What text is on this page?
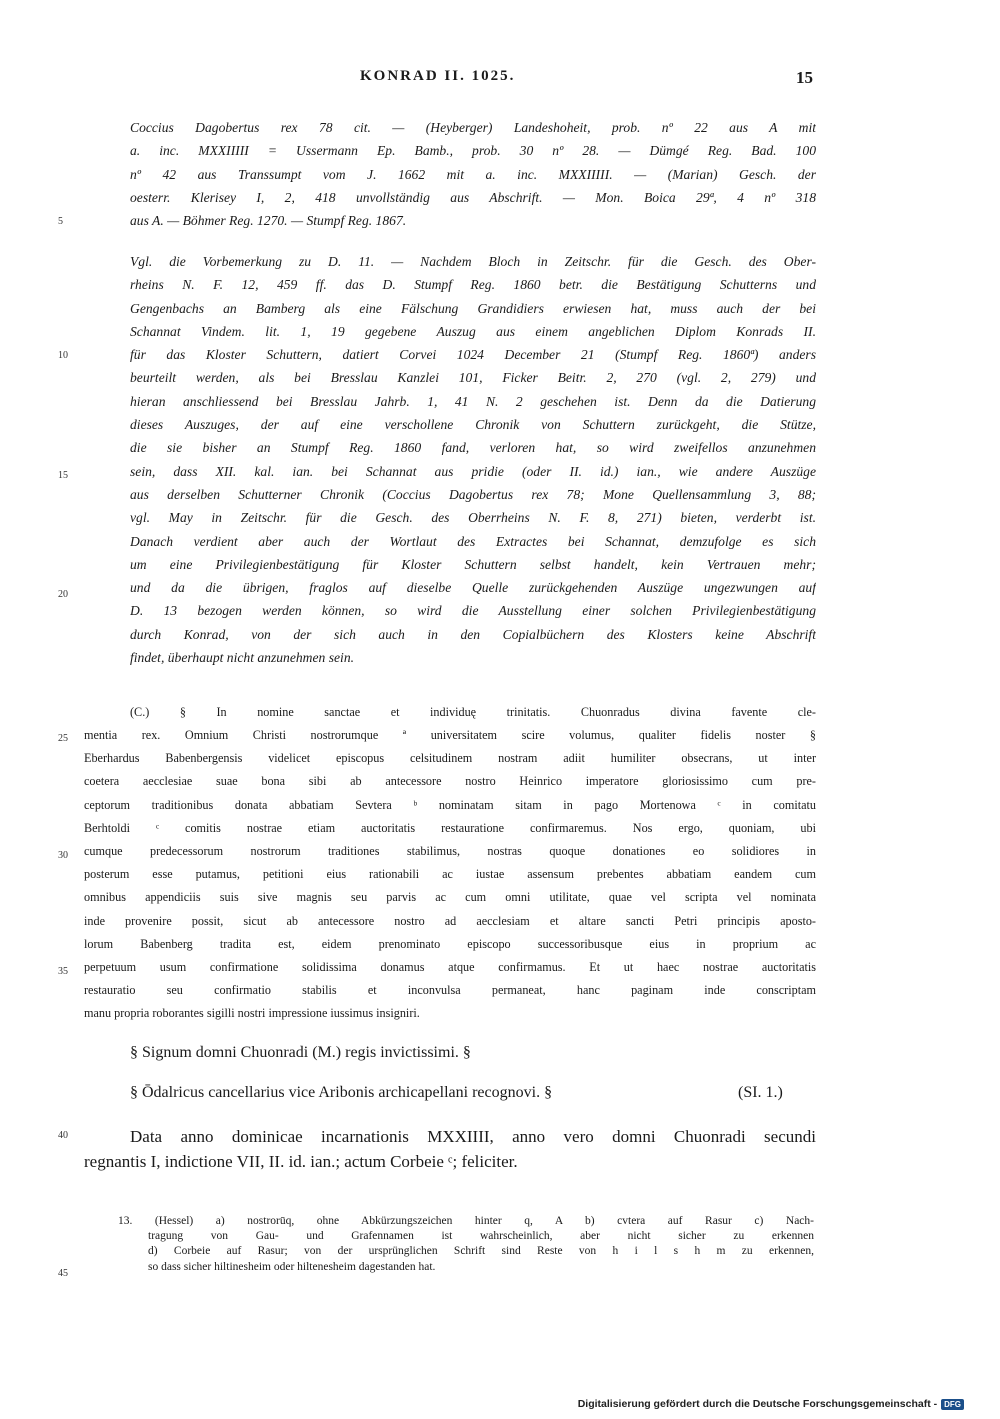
KONRAD II. 1025.	15
5
10
15
20
25
30
35
40
45
Coccius Dagobertus rex 78 cit. — (Heyberger) Landeshoheit, prob. nº 22 aus A mit
a. inc. MXXIIIII = Ussermann Ep. Bamb., prob. 30 nº 28. — Dümgé Reg. Bad. 100
nº 42 aus Transsumpt vom J. 1662 mit a. inc. MXXIIIII. — (Marian) Gesch. der
oesterr. Klerisey I, 2, 418 unvollständig aus Abschrift. — Mon. Boica 29ª, 4 nº 318
aus A. — Böhmer Reg. 1270. — Stumpf Reg. 1867.
Vgl. die Vorbemerkung zu D. 11. — Nachdem Bloch in Zeitschr. für die Gesch. des Ober-
rheins N. F. 12, 459 ff. das D. Stumpf Reg. 1860 betr. die Bestätigung Schutterns und
Gengenbachs an Bamberg als eine Fälschung Grandidiers erwiesen hat, muss auch der bei
Schannat Vindem. lit. 1, 19 gegebene Auszug aus einem angeblichen Diplom Konrads II.
für das Kloster Schuttern, datiert Corvei 1024 December 21 (Stumpf Reg. 1860ª) anders
beurteilt werden, als bei Bresslau Kanzlei 101, Ficker Beitr. 2, 270 (vgl. 2, 279) und
hieran anschliessend bei Bresslau Jahrb. 1, 41 N. 2 geschehen ist. Denn da die Datierung
dieses Auszuges, der auf eine verschollene Chronik von Schuttern zurückgeht, die Stütze,
die sie bisher an Stumpf Reg. 1860 fand, verloren hat, so wird zweifellos anzunehmen
sein, dass XII. kal. ian. bei Schannat aus pridie (oder II. id.) ian., wie andere Auszüge
aus derselben Schutterner Chronik (Coccius Dagobertus rex 78; Mone Quellensammlung 3, 88;
vgl. May in Zeitschr. für die Gesch. des Oberrheins N. F. 8, 271) bieten, verderbt ist.
Danach verdient aber auch der Wortlaut des Extractes bei Schannat, demzufolge es sich
um eine Privilegienbestätigung für Kloster Schuttern selbst handelt, kein Vertrauen mehr;
und da die übrigen, fraglos auf dieselbe Quelle zurückgehenden Auszüge ungezwungen auf
D. 13 bezogen werden können, so wird die Ausstellung einer solchen Privilegienbestätigung
durch Konrad, von der sich auch in den Copialbüchern des Klosters keine Abschrift
findet, überhaupt nicht anzunehmen sein.
(C.) § In nomine sanctae et individuę trinitatis. Chuonradus divina favente cle-
mentia rex. Omnium Christi nostrorumque ª universitatem scire volumus, qualiter fidelis noster §
Eberhardus Babenbergensis videlicet episcopus celsitudinem nostram adiit humiliter obsecrans, ut inter
coetera aecclesiae suae bona sibi ab antecessore nostro Heinrico imperatore gloriosissimo cum pre-
ceptorum traditionibus donata abbatiam Sevtera ᵇ nominatam sitam in pago Mortenowa ᶜ in comitatu
Berhtoldi ᶜ comitis nostrae etiam auctoritatis restauratione confirmaremus. Nos ergo, quoniam, ubi
cumque predecessorum nostrorum traditiones stabilimus, nostras quoque donationes eo solidiores in
posterum esse putamus, petitioni eius rationabili ac iustae assensum prebentes abbatiam eandem cum
omnibus appendiciis suis sive magnis seu parvis ac cum omni utilitate, quae vel scripta vel nominata
inde provenire possit, sicut ab antecessore nostro ad aecclesiam et altare sancti Petri principis aposto-
lorum Babenberg tradita est, eidem prenominato episcopo successoribusque eius in proprium ac
perpetuum usum confirmatione solidissima donamus atque confirmamus. Et ut haec nostrae auctoritatis
restauratio seu confirmatio stabilis et inconvulsa permaneat, hanc paginam inde conscriptam
manu propria roborantes sigilli nostri impressione iussimus insigniri.
§ Signum domni Chuonradi (M.) regis invictissimi. §
§ Ōdalricus cancellarius vice Aribonis archicapellani recognovi. §	(SI. 1.)
Data anno dominicae incarnationis MXXIIII, anno vero domni Chuonradi secundi
regnantis I, indictione VII, II. id. ian.; actum Corbeie ᶜ; feliciter.
13. (Hessel) a) nostrorūq, ohne Abkürzungszeichen hinter q, A b) cvtera auf Rasur c) Nach-
tragung von Gau- und Grafennamen ist wahrscheinlich, aber nicht sicher zu erkennen
d) Corbeie auf Rasur; von der ursprünglichen Schrift sind Reste von h i l s h m zu erkennen,
so dass sicher hiltinesheim oder hiltenesheim dagestanden hat.
Digitalisierung gefördert durch die Deutsche Forschungsgemeinschaft - DFG
